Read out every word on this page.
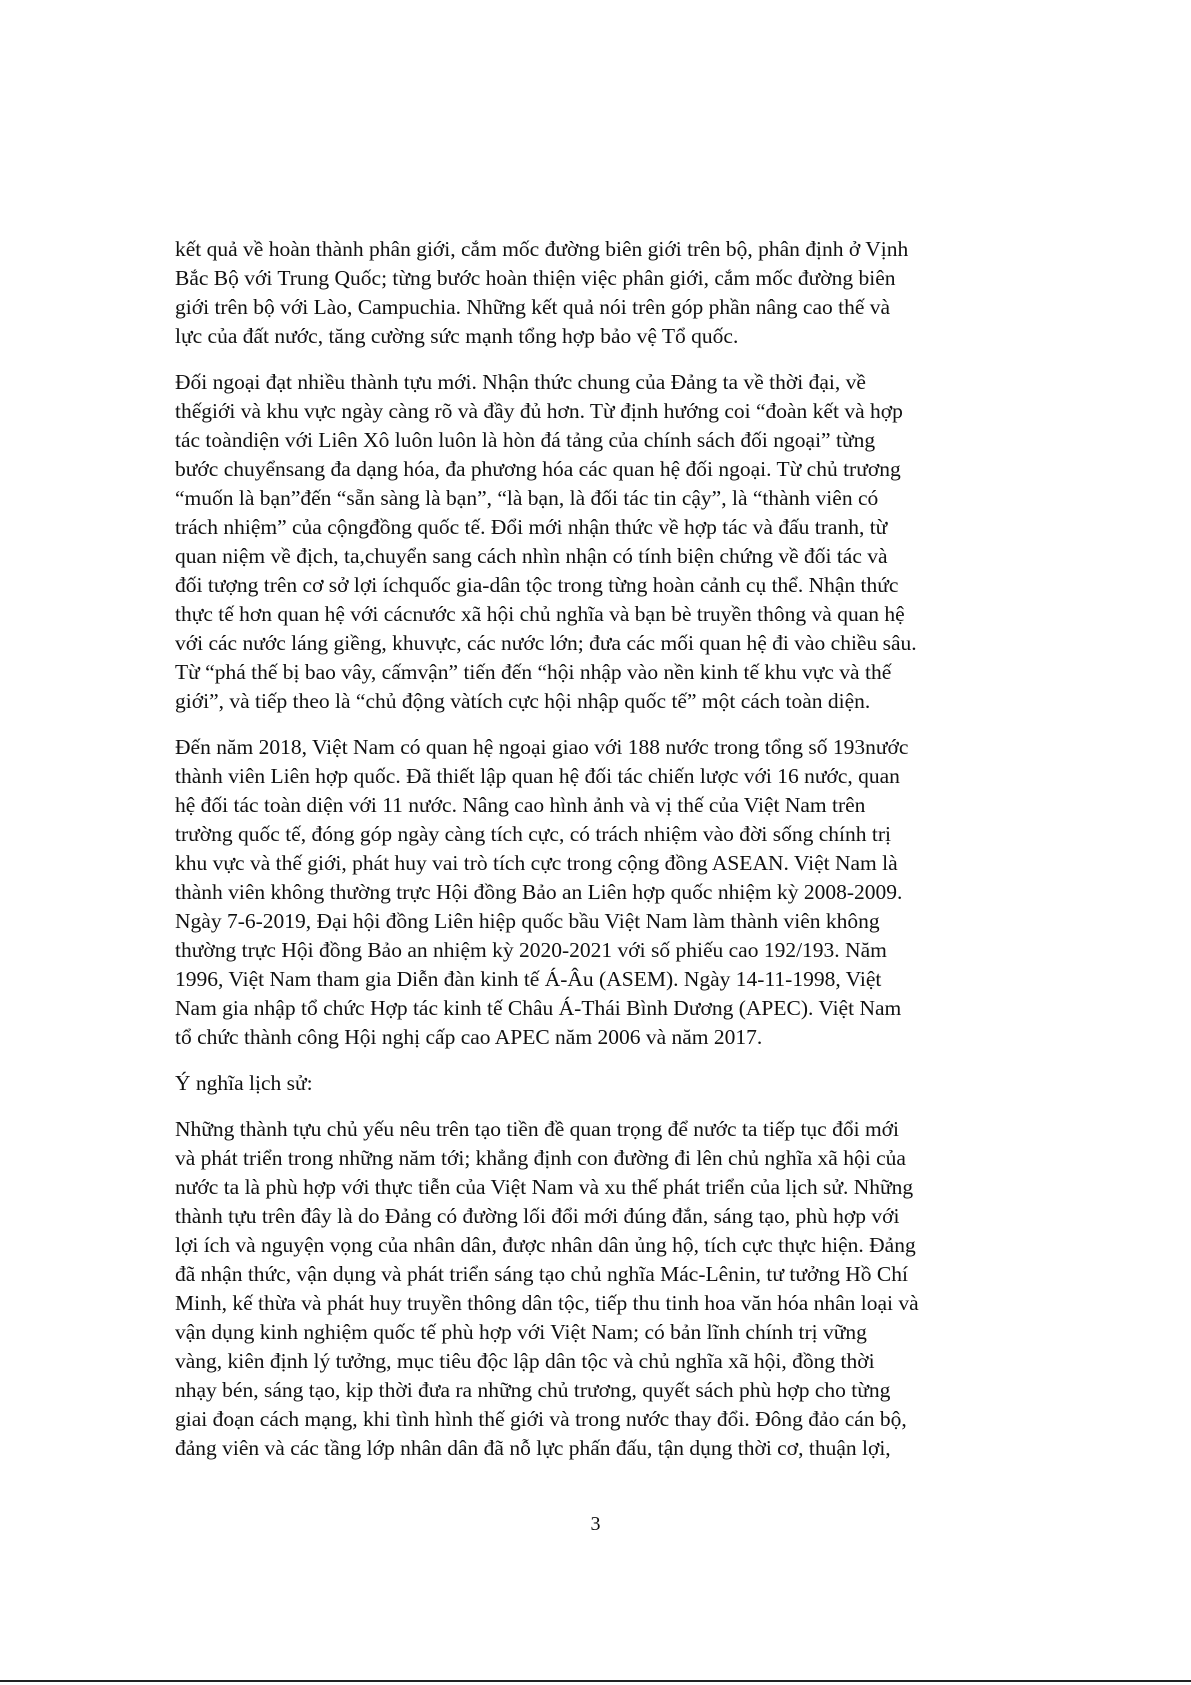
kết quả về hoàn thành phân giới, cắm mốc đường biên giới trên bộ, phân định ở Vịnh
Bắc Bộ với Trung Quốc; từng bước hoàn thiện việc phân giới, cắm mốc đường biên
giới trên bộ với Lào, Campuchia. Những kết quả nói trên góp phần nâng cao thế và
lực của đất nước, tăng cường sức mạnh tổng hợp bảo vệ Tổ quốc.

Đối ngoại đạt nhiều thành tựu mới. Nhận thức chung của Đảng ta về thời đại, về
thếgiới và khu vực ngày càng rõ và đầy đủ hơn. Từ định hướng coi “đoàn kết và hợp
tác toàndiện với Liên Xô luôn luôn là hòn đá tảng của chính sách đối ngoại” từng
bước chuyểnsang đa dạng hóa, đa phương hóa các quan hệ đối ngoại. Từ chủ trương
“muốn là bạn”đến “sẵn sàng là bạn”, “là bạn, là đối tác tin cậy”, là “thành viên có
trách nhiệm” của cộngđồng quốc tế. Đổi mới nhận thức về hợp tác và đấu tranh, từ
quan niệm về địch, ta,chuyển sang cách nhìn nhận có tính biện chứng về đối tác và
đối tượng trên cơ sở lợi íchquốc gia-dân tộc trong từng hoàn cảnh cụ thể. Nhận thức
thực tế hơn quan hệ với cácnước xã hội chủ nghĩa và bạn bè truyền thông và quan hệ
với các nước láng giềng, khuvực, các nước lớn; đưa các mối quan hệ đi vào chiều sâu.
Từ “phá thế bị bao vây, cấmvận” tiến đến “hội nhập vào nền kinh tế khu vực và thế
giới”, và tiếp theo là “chủ động vàtích cực hội nhập quốc tế” một cách toàn diện.

Đến năm 2018, Việt Nam có quan hệ ngoại giao với 188 nước trong tổng số 193nước
thành viên Liên hợp quốc. Đã thiết lập quan hệ đối tác chiến lược với 16 nước, quan
hệ đối tác toàn diện với 11 nước. Nâng cao hình ảnh và vị thế của Việt Nam trên
trường quốc tế, đóng góp ngày càng tích cực, có trách nhiệm vào đời sống chính trị
khu vực và thế giới, phát huy vai trò tích cực trong cộng đồng ASEAN. Việt Nam là
thành viên không thường trực Hội đồng Bảo an Liên hợp quốc nhiệm kỳ 2008-2009.
Ngày 7-6-2019, Đại hội đồng Liên hiệp quốc bầu Việt Nam làm thành viên không
thường trực Hội đồng Bảo an nhiệm kỳ 2020-2021 với số phiếu cao 192/193. Năm
1996, Việt Nam tham gia Diễn đàn kinh tế Á-Âu (ASEM). Ngày 14-11-1998, Việt
Nam gia nhập tổ chức Hợp tác kinh tế Châu Á-Thái Bình Dương (APEC). Việt Nam
tổ chức thành công Hội nghị cấp cao APEC năm 2006 và năm 2017.

Ý nghĩa lịch sử:

Những thành tựu chủ yếu nêu trên tạo tiền đề quan trọng để nước ta tiếp tục đổi mới
và phát triển trong những năm tới; khẳng định con đường đi lên chủ nghĩa xã hội của
nước ta là phù hợp với thực tiễn của Việt Nam và xu thế phát triển của lịch sử. Những
thành tựu trên đây là do Đảng có đường lối đổi mới đúng đắn, sáng tạo, phù hợp với
lợi ích và nguyện vọng của nhân dân, được nhân dân ủng hộ, tích cực thực hiện. Đảng
đã nhận thức, vận dụng và phát triển sáng tạo chủ nghĩa Mác-Lênin, tư tưởng Hồ Chí
Minh, kế thừa và phát huy truyền thông dân tộc, tiếp thu tinh hoa văn hóa nhân loại và
vận dụng kinh nghiệm quốc tế phù hợp với Việt Nam; có bản lĩnh chính trị vững
vàng, kiên định lý tưởng, mục tiêu độc lập dân tộc và chủ nghĩa xã hội, đồng thời
nhạy bén, sáng tạo, kịp thời đưa ra những chủ trương, quyết sách phù hợp cho từng
giai đoạn cách mạng, khi tình hình thế giới và trong nước thay đổi. Đông đảo cán bộ,
đảng viên và các tầng lớp nhân dân đã nỗ lực phấn đấu, tận dụng thời cơ, thuận lợi,

3
